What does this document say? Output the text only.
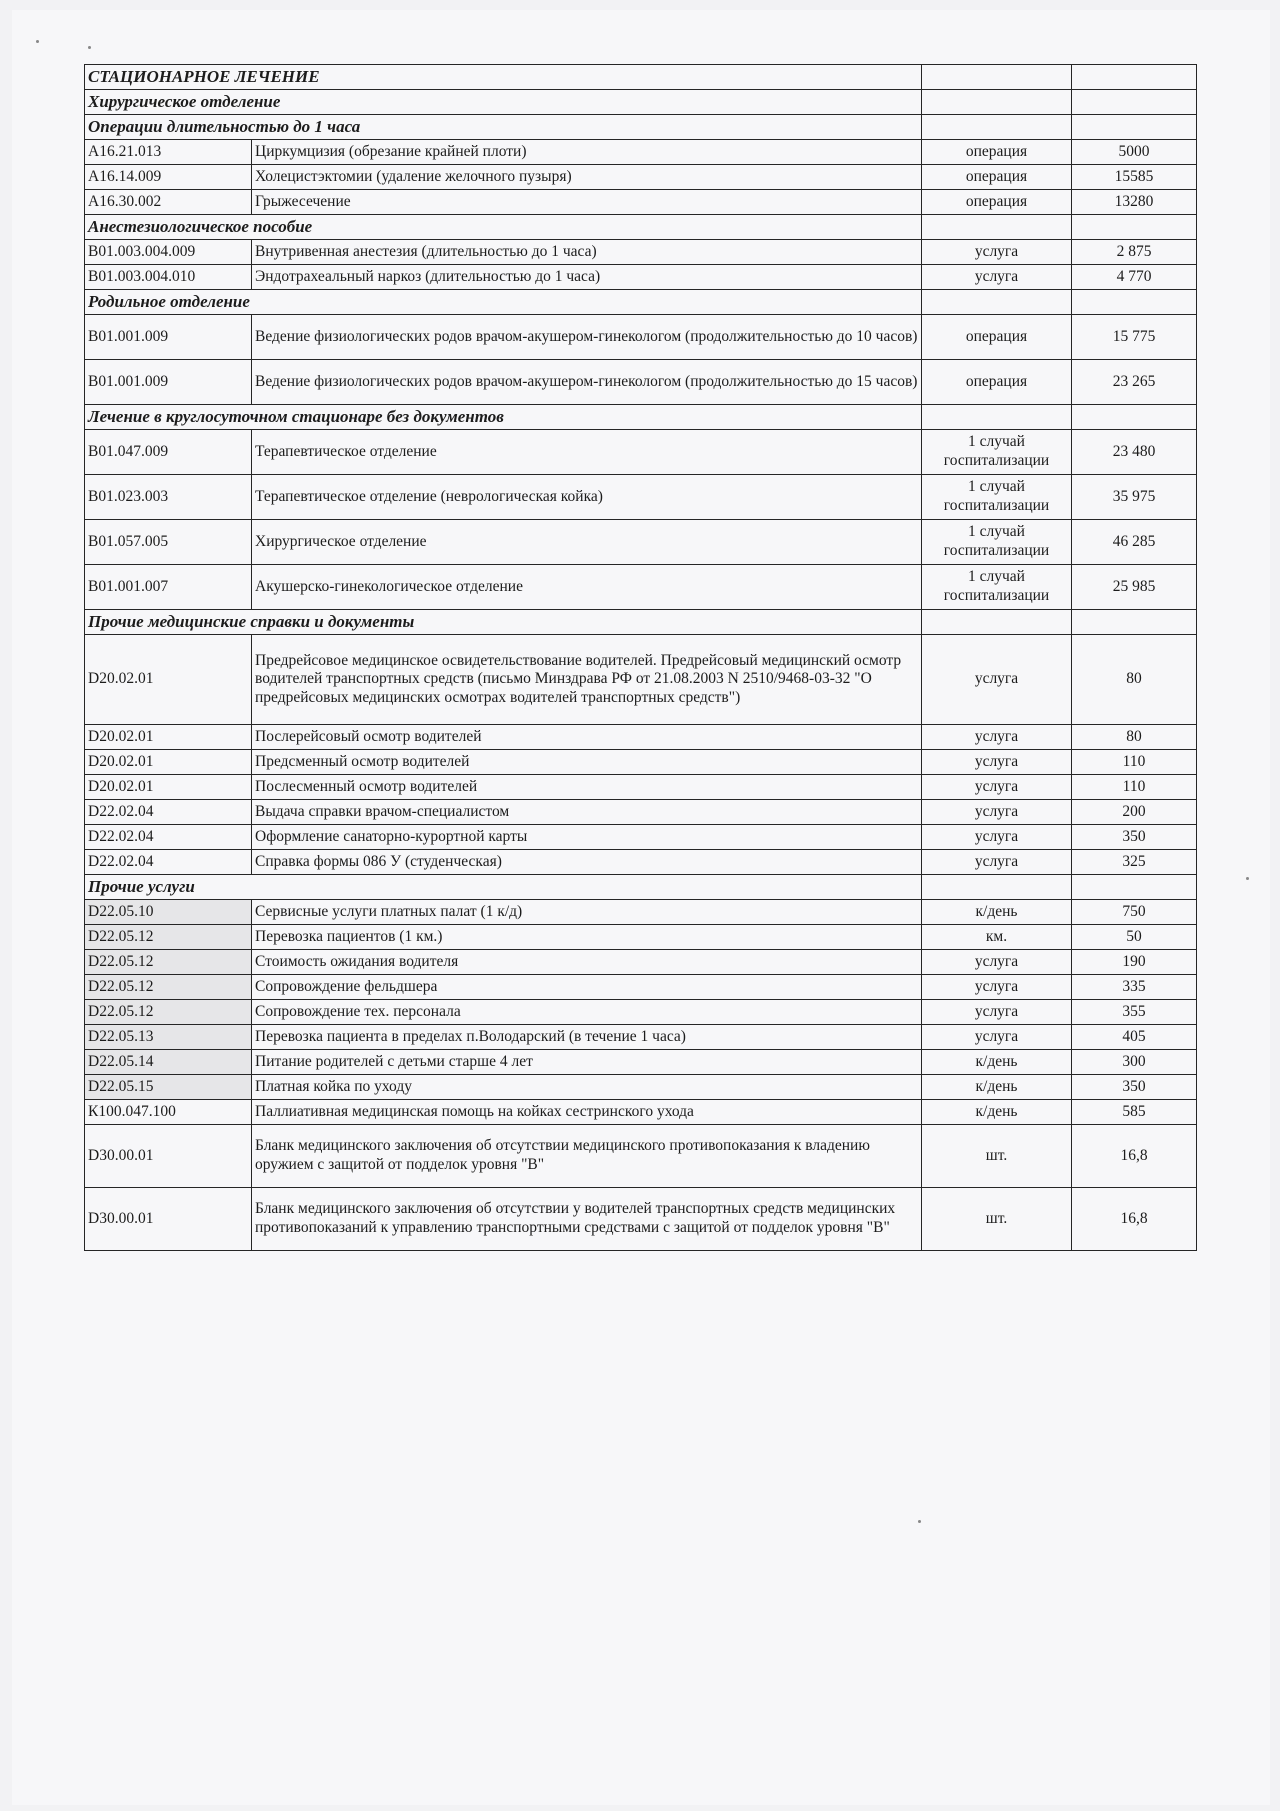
СТАЦИОНАРНОЕ ЛЕЧЕНИЕ			
Хирургическое отделение			
Операции длительностью до 1 часа			
А16.21.013	Циркумцизия (обрезание крайней плоти)	операция	5000
А16.14.009	Холецистэктомии (удаление желочного пузыря)	операция	15585
А16.30.002	Грыжесечение	операция	13280
Анестезиологическое пособие			
В01.003.004.009	Внутривенная анестезия (длительностью до 1 часа)	услуга	2 875
В01.003.004.010	Эндотрахеальный наркоз (длительностью до 1 часа)	услуга	4 770
Родильное отделение			
В01.001.009	Ведение физиологических родов врачом-акушером-гинекологом (продолжительностью до 10 часов)	операция	15 775
В01.001.009	Ведение физиологических родов врачом-акушером-гинекологом (продолжительностью до 15 часов)	операция	23 265
Лечение в круглосуточном стационаре без документов			
В01.047.009	Терапевтическое отделение	1 случай госпитализации	23 480
В01.023.003	Терапевтическое отделение (неврологическая койка)	1 случай госпитализации	35 975
В01.057.005	Хирургическое отделение	1 случай госпитализации	46 285
В01.001.007	Акушерско-гинекологическое отделение	1 случай госпитализации	25 985
Прочие медицинские справки и документы			
D20.02.01	Предрейсовое медицинское освидетельствование водителей. Предрейсовый медицинский осмотр водителей транспортных средств (письмо Минздрава РФ от 21.08.2003 N 2510/9468-03-32 "О предрейсовых медицинских осмотрах водителей транспортных средств")	услуга	80
D20.02.01	Послерейсовый осмотр водителей	услуга	80
D20.02.01	Предсменный осмотр водителей	услуга	110
D20.02.01	Послесменный осмотр водителей	услуга	110
D22.02.04	Выдача справки врачом-специалистом	услуга	200
D22.02.04	Оформление санаторно-курортной карты	услуга	350
D22.02.04	Справка формы 086 У (студенческая)	услуга	325
Прочие услуги			
D22.05.10	Сервисные услуги платных палат (1 к/д)	к/день	750
D22.05.12	Перевозка пациентов (1 км.)	км.	50
D22.05.12	Стоимость ожидания водителя	услуга	190
D22.05.12	Сопровождение фельдшера	услуга	335
D22.05.12	Сопровождение тех. персонала	услуга	355
D22.05.13	Перевозка пациента в пределах п.Володарский (в течение 1 часа)	услуга	405
D22.05.14	Питание родителей с детьми старше 4 лет	к/день	300
D22.05.15	Платная койка по уходу	к/день	350
К100.047.100	Паллиативная медицинская помощь на койках сестринского ухода	к/день	585
D30.00.01	Бланк медицинского заключения об отсутствии медицинского противопоказания к владению оружием с защитой от подделок уровня "В"	шт.	16,8
D30.00.01	Бланк медицинского заключения об отсутствии у водителей транспортных средств медицинских противопоказаний к управлению транспортными средствами с защитой от подделок уровня "В"	шт.	16,8
